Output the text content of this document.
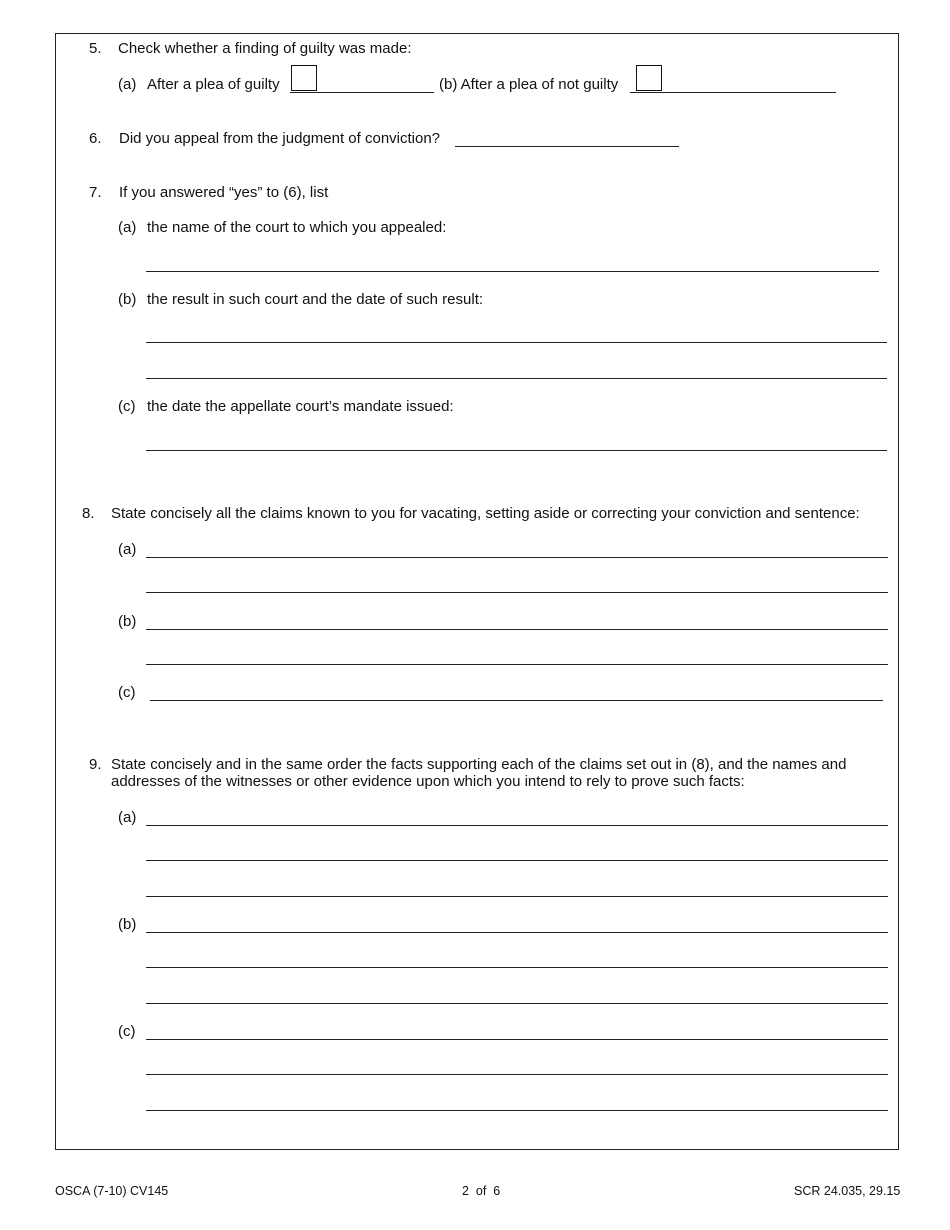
5. Check whether a finding of guilty was made:
(a) After a plea of guilty	(b) After a plea of not guilty
6. Did you appeal from the judgment of conviction?
7. If you answered “yes” to (6), list
(a) the name of the court to which you appealed:
(b) the result in such court and the date of such result:
(c) the date the appellate court’s mandate issued:
8. State concisely all the claims known to you for vacating, setting aside or correcting your conviction and sentence:
(a)
(b)
(c)
9. State concisely and in the same order the facts supporting each of the claims set out in (8), and the names and
addresses of the witnesses or other evidence upon which you intend to rely to prove such facts:
(a)
(b)
(c)
OSCA (7-10) CV145	2  of  6	SCR 24.035, 29.15
